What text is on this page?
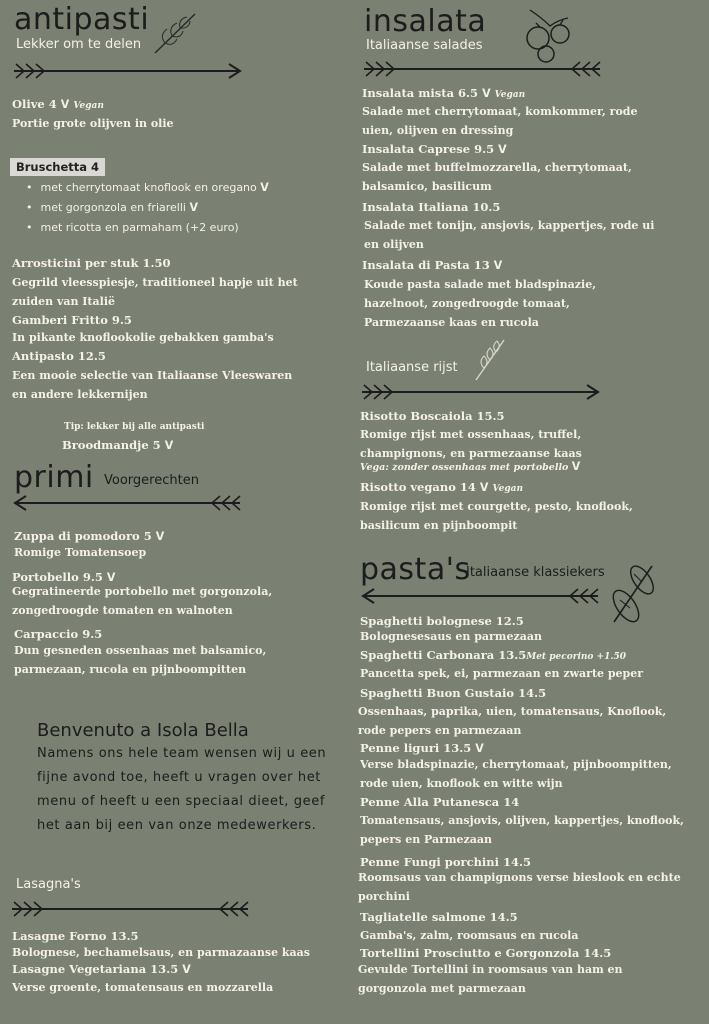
antipasti
Lekker om te delen
Olive 4 ᐯ Vegan
Portie grote olijven in olie
Bruschetta 4
• met cherrytomaat knoflook en oregano ᐯ
• met gorgonzola en friarelli ᐯ
• met ricotta en parmaham (+2 euro)
Arrosticini per stuk 1.50
Gegrild vleesspiesje, traditioneel hapje uit het
zuiden van Italië
Gamberi Fritto 9.5
In pikante knoflookolie gebakken gamba's
Antipasto 12.5
Een mooie selectie van Italiaanse Vleeswaren
en andere lekkernijen
Tip: lekker bij alle antipasti
Broodmandje 5 ᐯ
primi Voorgerechten
Zuppa di pomodoro 5 ᐯ
Romige Tomatensoep
Portobello 9.5 ᐯ
Gegratineerde portobello met gorgonzola,
zongedroogde tomaten en walnoten
Carpaccio 9.5
Dun gesneden ossenhaas met balsamico,
parmezaan, rucola en pijnboompitten
Benvenuto a Isola Bella
Namens ons hele team wensen wij u een
fijne avond toe, heeft u vragen over het
menu of heeft u een speciaal dieet, geef
het aan bij een van onze medewerkers.
Lasagna's
Lasagne Forno 13.5
Bolognese, bechamelsaus, en parmazaanse kaas
Lasagne Vegetariana 13.5 ᐯ
Verse groente, tomatensaus en mozzarella
insalata
Italiaanse salades
Insalata mista 6.5 ᐯ Vegan
Salade met cherrytomaat, komkommer, rode
uien, olijven en dressing
Insalata Caprese 9.5 ᐯ
Salade met buffelmozzarella, cherrytomaat,
balsamico, basilicum
Insalata Italiana 10.5
Salade met tonijn, ansjovis, kappertjes, rode ui
en olijven
Insalata di Pasta 13 ᐯ
Koude pasta salade met bladspinazie,
hazelnoot, zongedroogde tomaat,
Parmezaanse kaas en rucola
Italiaanse rijst
Risotto Boscaiola 15.5
Romige rijst met ossenhaas, truffel,
champignons, en parmezaanse kaas
Vega: zonder ossenhaas met portobello ᐯ
Risotto vegano 14 ᐯ Vegan
Romige rijst met courgette, pesto, knoflook,
basilicum en pijnboompit
pasta's
Italiaanse klassiekers
Spaghetti bolognese 12.5
Bolognesesaus en parmezaan
Spaghetti Carbonara 13.5Met pecorino +1.50
Pancetta spek, ei, parmezaan en zwarte peper
Spaghetti Buon Gustaio 14.5
Ossenhaas, paprika, uien, tomatensaus, Knoflook,
rode pepers en parmezaan
Penne liguri 13.5 ᐯ
Verse bladspinazie, cherrytomaat, pijnboompitten,
rode uien, knoflook en witte wijn
Penne Alla Putanesca 14
Tomatensaus, ansjovis, olijven, kappertjes, knoflook,
pepers en Parmezaan
Penne Fungi porchini 14.5
Roomsaus van champignons verse bieslook en echte
porchini
Tagliatelle salmone 14.5
Gamba's, zalm, roomsaus en rucola
Tortellini Prosciutto e Gorgonzola 14.5
Gevulde Tortellini in roomsaus van ham en
gorgonzola met parmezaan
